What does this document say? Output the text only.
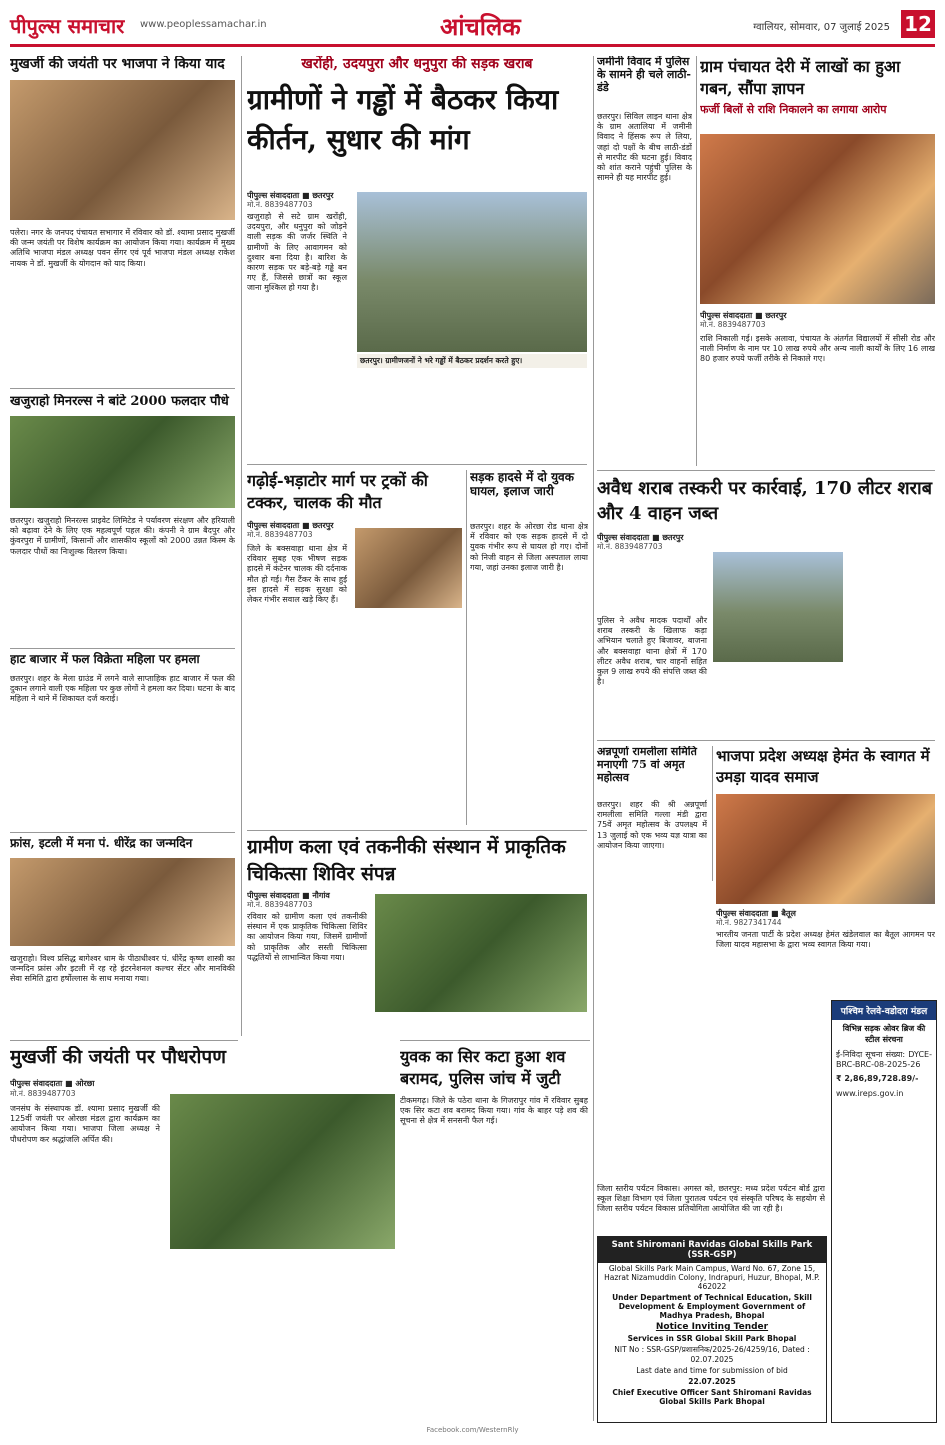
पीपुल्स समाचार www.peoplessamachar.in	आंचलिक	ग्वालियर, सोमवार, 07 जुलाई 2025 12
मुखर्जी की जयंती पर भाजपा ने किया याद
पलेरा। नगर के जनपद पंचायत सभागार में रविवार को डॉ. श्यामा प्रसाद मुखर्जी की जन्म जयंती पर विशेष कार्यक्रम का आयोजन किया गया। कार्यक्रम में मुख्य अतिथि भाजपा मंडल अध्यक्ष पवन सेंगर एवं पूर्व भाजपा मंडल अध्यक्ष राकेश नायक ने डॉ. मुखर्जी के योगदान को याद किया।
खजुराहो मिनरल्स ने बांटे 2000 फलदार पौधे
छतरपुर। खजुराहो मिनरल्स प्राइवेट लिमिटेड ने पर्यावरण संरक्षण और हरियाली को बढ़ावा देने के लिए एक महत्वपूर्ण पहल की। कंपनी ने ग्राम बैदपुर और कुंवरपुरा में ग्रामीणों, किसानों और शासकीय स्कूलों को 2000 उन्नत किस्म के फलदार पौधों का निःशुल्क वितरण किया।
हाट बाजार में फल विक्रेता महिला पर हमला
छतरपुर। शहर के मेला ग्राउंड में लगने वाले साप्ताहिक हाट बाजार में फल की दुकान लगाने वाली एक महिला पर कुछ लोगों ने हमला कर दिया। घटना के बाद महिला ने थाने में शिकायत दर्ज कराई।
फ्रांस, इटली में मना पं. धीरेंद्र का जन्मदिन
खजुराहो। विश्व प्रसिद्ध बागेश्वर धाम के पीठाधीश्वर पं. धीरेंद्र कृष्ण शास्त्री का जन्मदिन फ्रांस और इटली में रह रहे इंटरनेशनल कल्चर सेंटर और मानविकी सेवा समिति द्वारा हर्षोल्लास के साथ मनाया गया।
मुखर्जी की जयंती पर पौधरोपण
पीपुल्स संवाददाता ■ ओरछा
मो.नं. 8839487703
जनसंघ के संस्थापक डॉ. श्यामा प्रसाद मुखर्जी की 125वीं जयंती पर ओरछा मंडल द्वारा कार्यक्रम का आयोजन किया गया। भाजपा जिला अध्यक्ष ने पौधरोपण कर श्रद्धांजलि अर्पित की।
खरोंही, उदयपुरा और धनुपुरा की सड़क खराब
ग्रामीणों ने गड्ढों में बैठकर किया कीर्तन, सुधार की मांग
पीपुल्स संवाददाता ■ छतरपुर
मो.नं. 8839487703
खजुराहो से सटे ग्राम खरोंही, उदयपुरा, और धनुपुरा को जोड़ने वाली सड़क की जर्जर स्थिति ने ग्रामीणों के लिए आवागमन को दुश्वार बना दिया है। बारिश के कारण सड़क पर बड़े-बड़े गड्ढे बन गए हैं, जिससे छात्रों का स्कूल जाना मुश्किल हो गया है।
छतरपुर। ग्रामीणजनों ने भरे गड्ढों में बैठकर प्रदर्शन करते हुए।
गढ़ोई-भड़ाटोर मार्ग पर ट्रकों की टक्कर, चालक की मौत
पीपुल्स संवाददाता ■ छतरपुर
मो.नं. 8839487703
जिले के बक्सवाहा थाना क्षेत्र में रविवार सुबह एक भीषण सड़क हादसे में कंटेनर चालक की दर्दनाक मौत हो गई। गैस टैंकर के साथ हुई इस हादसे में सड़क सुरक्षा को लेकर गंभीर सवाल खड़े किए हैं।
सड़क हादसे में दो युवक घायल, इलाज जारी
छतरपुर। शहर के ओरछा रोड थाना क्षेत्र में रविवार को एक सड़क हादसे में दो युवक गंभीर रूप से घायल हो गए। दोनों को निजी वाहन से जिला अस्पताल लाया गया, जहां उनका इलाज जारी है।
ग्रामीण कला एवं तकनीकी संस्थान में प्राकृतिक चिकित्सा शिविर संपन्न
पीपुल्स संवाददाता ■ नौगांव
मो.नं. 8839487703
रविवार को ग्रामीण कला एवं तकनीकी संस्थान में एक प्राकृतिक चिकित्सा शिविर का आयोजन किया गया, जिसमें ग्रामीणों को प्राकृतिक और सस्ती चिकित्सा पद्धतियों से लाभान्वित किया गया।
युवक का सिर कटा हुआ शव बरामद, पुलिस जांच में जुटी
टीकमगढ़। जिले के पठेरा थाना के गिजरापुर गांव में रविवार सुबह एक सिर कटा शव बरामद किया गया। गांव के बाहर पड़े शव की सूचना से क्षेत्र में सनसनी फैल गई।
जमीनी विवाद में पुलिस के सामने ही चले लाठी-डंडे
छतरपुर। सिविल लाइन थाना क्षेत्र के ग्राम अतालिया में जमीनी विवाद ने हिंसक रूप ले लिया, जहां दो पक्षों के बीच लाठी-डंडों से मारपीट की घटना हुई। विवाद को शांत कराने पहुंची पुलिस के सामने ही यह मारपीट हुई।
ग्राम पंचायत देरी में लाखों का हुआ गबन, सौंपा ज्ञापन
फर्जी बिलों से राशि निकालने का लगाया आरोप
पीपुल्स संवाददाता ■ छतरपुर
मो.नं. 8839487703
राशि निकाली गई। इसके अलावा, पंचायत के अंतर्गत विद्यालयों में सीसी रोड और नाली निर्माण के नाम पर 10 लाख रुपये और अन्य नाली कार्यों के लिए 16 लाख 80 हजार रुपये फर्जी तरीके से निकाले गए।
अवैध शराब तस्करी पर कार्रवाई, 170 लीटर शराब और 4 वाहन जब्त
पीपुल्स संवाददाता ■ छतरपुर
मो.नं. 8839487703
पुलिस ने अवैध मादक पदार्थों और शराब तस्करी के खिलाफ कड़ा अभियान चलाते हुए बिजावर, बाजना और बक्सवाहा थाना क्षेत्रों में 170 लीटर अवैध शराब, चार वाहनों सहित कुल 9 लाख रुपये की संपत्ति जब्त की है।
अन्नपूर्णा रामलीला समिति मनाएगी 75 वां अमृत महोत्सव
छतरपुर। शहर की श्री अन्नपूर्णा रामलीला समिति गल्ला मंडी द्वारा 75वें अमृत महोत्सव के उपलक्ष्य में 13 जुलाई को एक भव्य यज्ञ यात्रा का आयोजन किया जाएगा।
भाजपा प्रदेश अध्यक्ष हेमंत के स्वागत में उमड़ा यादव समाज
पीपुल्स संवाददाता ■ बैतूल
मो.नं. 9827341744
भारतीय जनता पार्टी के प्रदेश अध्यक्ष हेमंत खंडेलवाल का बैतूल आगमन पर जिला यादव महासभा के द्वारा भव्य स्वागत किया गया।
जिला स्तरीय पर्यटन विकास। अगस्त को, छतरपुर: मध्य प्रदेश पर्यटन बोर्ड द्वारा स्कूल शिक्षा विभाग एवं जिला पुरातत्व पर्यटन एवं संस्कृति परिषद के सहयोग से जिला स्तरीय पर्यटन विकास प्रतियोगिता आयोजित की जा रही है।
Sant Shiromani Ravidas Global Skills Park (SSR-GSP)
Global Skills Park Main Campus, Ward No. 67, Zone 15, Hazrat Nizamuddin Colony, Indrapuri, Huzur, Bhopal, M.P. 462022
Under Department of Technical Education, Skill Development & Employment Government of Madhya Pradesh, Bhopal
Notice Inviting Tender
Services in SSR Global Skill Park Bhopal
NIT No : SSR-GSP/प्रशासनिक/2025-26/4259/16, Dated : 02.07.2025
Last date and time for submission of bid
22.07.2025
Chief Executive Officer Sant Shiromani Ravidas Global Skills Park Bhopal
पश्चिम रेलवे-वडोदरा मंडल
विभिन्न सड़क ओवर ब्रिज की स्टील संरचना
ई-निविदा सूचना संख्या: DYCE-BRC-BRC-08-2025-26
₹ 2,86,89,728.89/-
www.ireps.gov.in
Facebook.com/WesternRly
